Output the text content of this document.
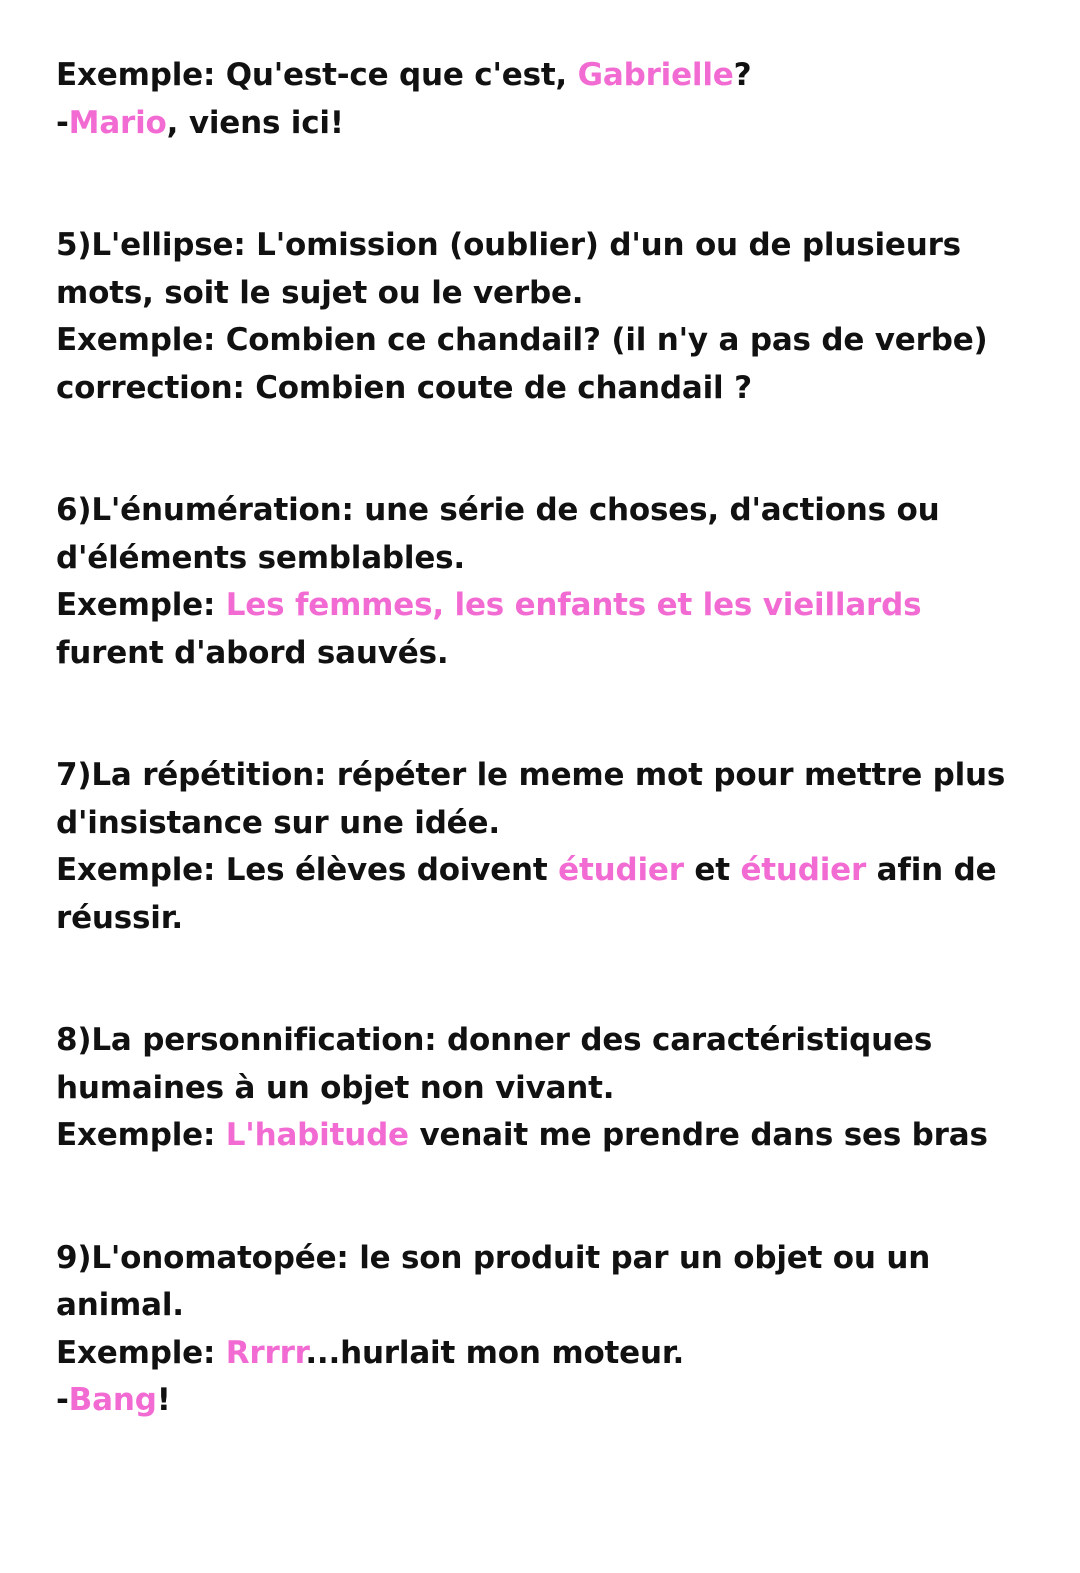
Exemple: Qu'est-ce que c'est, Gabrielle?
-Mario, viens ici!
5)L'ellipse: L'omission (oublier) d'un ou de plusieurs
mots, soit le sujet ou le verbe.
Exemple: Combien ce chandail? (il n'y a pas de verbe)
correction: Combien coute de chandail ?
6)L'énumération: une série de choses, d'actions ou
d'éléments semblables.
Exemple: Les femmes, les enfants et les vieillards
furent d'abord sauvés.
7)La répétition: répéter le meme mot pour mettre plus
d'insistance sur une idée.
Exemple: Les élèves doivent étudier et étudier afin de
réussir.
8)La personnification: donner des caractéristiques
humaines à un objet non vivant.
Exemple: L'habitude venait me prendre dans ses bras
9)L'onomatopée: le son produit par un objet ou un
animal.
Exemple: Rrrrr...hurlait mon moteur.
-Bang!
